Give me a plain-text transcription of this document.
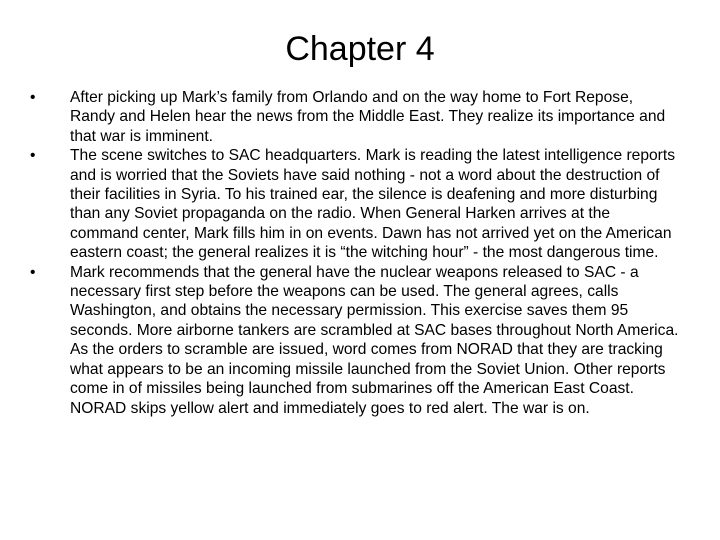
Chapter 4
•	After picking up Mark’s family from Orlando and on the way home to Fort Repose, Randy and Helen hear the news from the Middle East. They realize its importance and that war is imminent.
•	The scene switches to SAC headquarters. Mark is reading the latest intelligence reports and is worried that the Soviets have said nothing - not a word about the destruction of their facilities in Syria. To his trained ear, the silence is deafening and more disturbing than any Soviet propaganda on the radio. When General Harken arrives at the command center, Mark fills him in on events. Dawn has not arrived yet on the American eastern coast; the general realizes it is “the witching hour” - the most dangerous time.
•	Mark recommends that the general have the nuclear weapons released to SAC - a necessary first step before the weapons can be used. The general agrees, calls Washington, and obtains the necessary permission. This exercise saves them 95 seconds. More airborne tankers are scrambled at SAC bases throughout North America. As the orders to scramble are issued, word comes from NORAD that they are tracking what appears to be an incoming missile launched from the Soviet Union. Other reports come in of missiles being launched from submarines off the American East Coast. NORAD skips yellow alert and immediately goes to red alert. The war is on.
